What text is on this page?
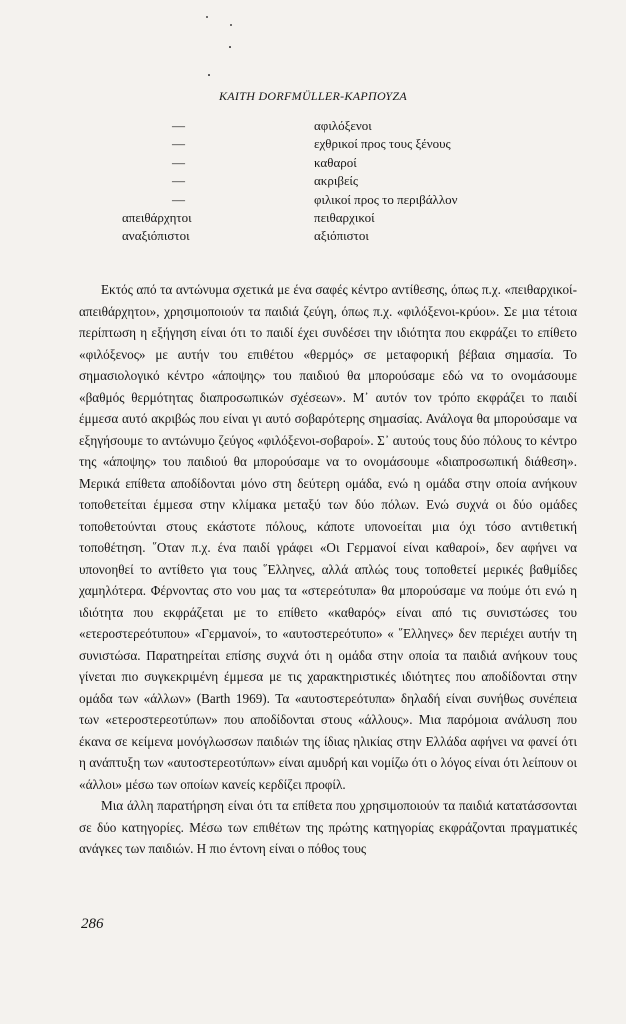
KAITH DORFMÜLLER-ΚΑΡΠΟΥΖΑ
—	αφιλόξενοι
—	εχθρικοί προς τους ξένους
—	καθαροί
—	ακριβείς
—	φιλικοί προς το περιβάλλον
απειθάρχητοι	πειθαρχικοί
αναξιόπιστοι	αξιόπιστοι

Εκτός από τα αντώνυμα σχετικά με ένα σαφές κέντρο αντίθεσης, όπως π.χ. «πειθαρχικοί-απειθάρχητοι», χρησιμοποιούν τα παιδιά ζεύγη, όπως π.χ. «φιλόξενοι-κρύοι». Σε μια τέτοια περίπτωση η εξήγηση είναι ότι το παιδί έχει συνδέσει την ιδιότητα που εκφράζει το επίθετο «φιλόξενος» με αυτήν του επιθέτου «θερμός» σε μεταφορική βέβαια σημασία. Το σημασιολογικό κέντρο «άποψης» του παιδιού θα μπορούσαμε εδώ να το ονομάσουμε «βαθμός θερμότητας διαπροσωπικών σχέσεων». Μ᾽ αυτόν τον τρόπο εκφράζει το παιδί έμμεσα αυτό ακριβώς που είναι γι αυτό σοβαρότερης σημασίας. Ανάλογα θα μπορούσαμε να εξηγήσουμε το αντώνυμο ζεύγος «φιλόξενοι-σοβαροί». Σ᾽ αυτούς τους δύο πόλους το κέντρο της «άποψης» του παιδιού θα μπορούσαμε να το ονομάσουμε «διαπροσωπική διάθεση». Μερικά επίθετα αποδίδονται μόνο στη δεύτερη ομάδα, ενώ η ομάδα στην οποία ανήκουν τοποθετείται έμμεσα στην κλίμακα μεταξύ των δύο πόλων. Ενώ συχνά οι δύο ομάδες τοποθετούνται στους εκάστοτε πόλους, κάποτε υπονοείται μια όχι τόσο αντιθετική τοποθέτηση. ῞Οταν π.χ. ένα παιδί γράφει «Οι Γερμανοί είναι καθαροί», δεν αφήνει να υπονοηθεί το αντίθετο για τους ῞Ελληνες, αλλά απλώς τους τοποθετεί μερικές βαθμίδες χαμηλότερα. Φέρνοντας στο νου μας τα «στερεότυπα» θα μπορούσαμε να πούμε ότι ενώ η ιδιότητα που εκφράζεται με το επίθετο «καθαρός» είναι από τις συνιστώσες του «ετεροστερεότυπου» «Γερμανοί», το «αυτοστερεότυπο» « ῞Ελληνες» δεν περιέχει αυτήν τη συνιστώσα. Παρατηρείται επίσης συχνά ότι η ομάδα στην οποία τα παιδιά ανήκουν τους γίνεται πιο συγκεκριμένη έμμεσα με τις χαρακτηριστικές ιδιότητες που αποδίδονται στην ομάδα των «άλλων» (Barth 1969). Τα «αυτοστερεότυπα» δηλαδή είναι συνήθως συνέπεια των «ετεροστερεοτύπων» που αποδίδονται στους «άλλους». Μια παρόμοια ανάλυση που έκανα σε κείμενα μονόγλωσσων παιδιών της ίδιας ηλικίας στην Ελλάδα αφήνει να φανεί ότι η ανάπτυξη των «αυτοστερεοτύπων» είναι αμυδρή και νομίζω ότι ο λόγος είναι ότι λείπουν οι «άλλοι» μέσω των οποίων κανείς κερδίζει προφίλ.

Μια άλλη παρατήρηση είναι ότι τα επίθετα που χρησιμοποιούν τα παιδιά κατατάσσονται σε δύο κατηγορίες. Μέσω των επιθέτων της πρώτης κατηγορίας εκφράζονται πραγματικές ανάγκες των παιδιών. Η πιο έντονη είναι ο πόθος τους

286
